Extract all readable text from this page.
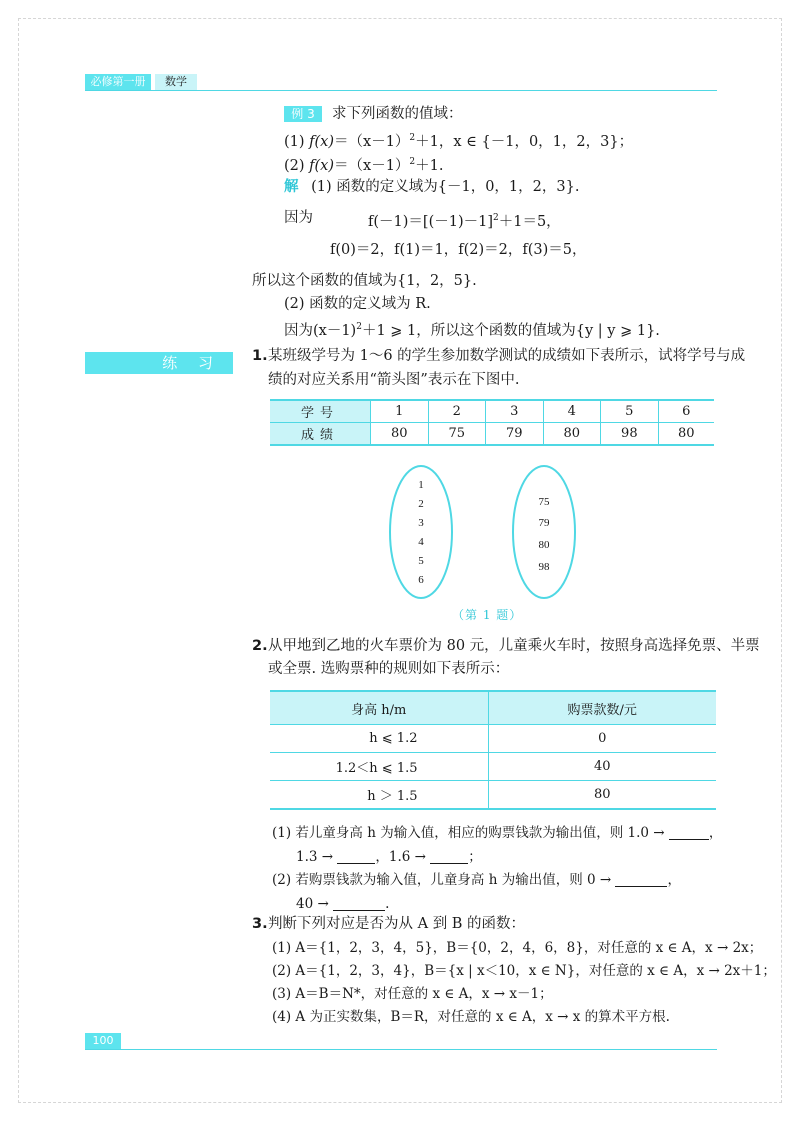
必修第一册	数学
例 3	求下列函数的值域：
(1) $f(x)=(x-1)^2+1$，x ∈ {－1，0，1，2，3}；
(2) $f(x)=(x-1)^2+1$.
解 (1) 函数的定义域为{－1，0，1，2，3}.
因为	$f(-1)=[(-1)-1]^2+1=5$，
f(0)＝2，f(1)＝1，f(2)＝2，f(3)＝5，
所以这个函数的值域为{1，2，5}.
(2) 函数的定义域为 R.
因为$(x-1)^2+1$ ⩾ 1，所以这个函数的值域为{y | y ⩾ 1}.
练 习	1. 某班级学号为 1～6 的学生参加数学测试的成绩如下表所示，试将学号与成
绩的对应关系用“箭头图”表示在下图中.
学号	1	2	3	4	5	6
成绩	80	75	79	80	98	80
1
2
3
4
5
6
75
79
80
98
（第 1 题）
2. 从甲地到乙地的火车票价为 80 元，儿童乘火车时，按照身高选择免票、半票
或全票. 选购票种的规则如下表所示：
身高 h/m	购票款数/元
h ⩽ 1.2	0
1.2＜h ⩽ 1.5	40
h ＞ 1.5	80
(1) 若儿童身高 h 为输入值，相应的购票钱款为输出值，则 1.0 →	，
1.3 →	，1.6 →	；
(2) 若购票钱款为输入值，儿童身高 h 为输出值，则 0 →	，
40 →	.
3. 判断下列对应是否为从 A 到 B 的函数：
(1) A＝{1，2，3，4，5}，B＝{0，2，4，6，8}，对任意的 x ∈ A，x → 2x；
(2) A＝{1，2，3，4}，B＝{x | x＜10，x ∈ N}，对任意的 x ∈ A，x → 2x＋1；
(3) A＝B＝N*，对任意的 x ∈ A，x → x－1；
(4) A 为正实数集，B＝R，对任意的 x ∈ A，x → x 的算术平方根.
100
